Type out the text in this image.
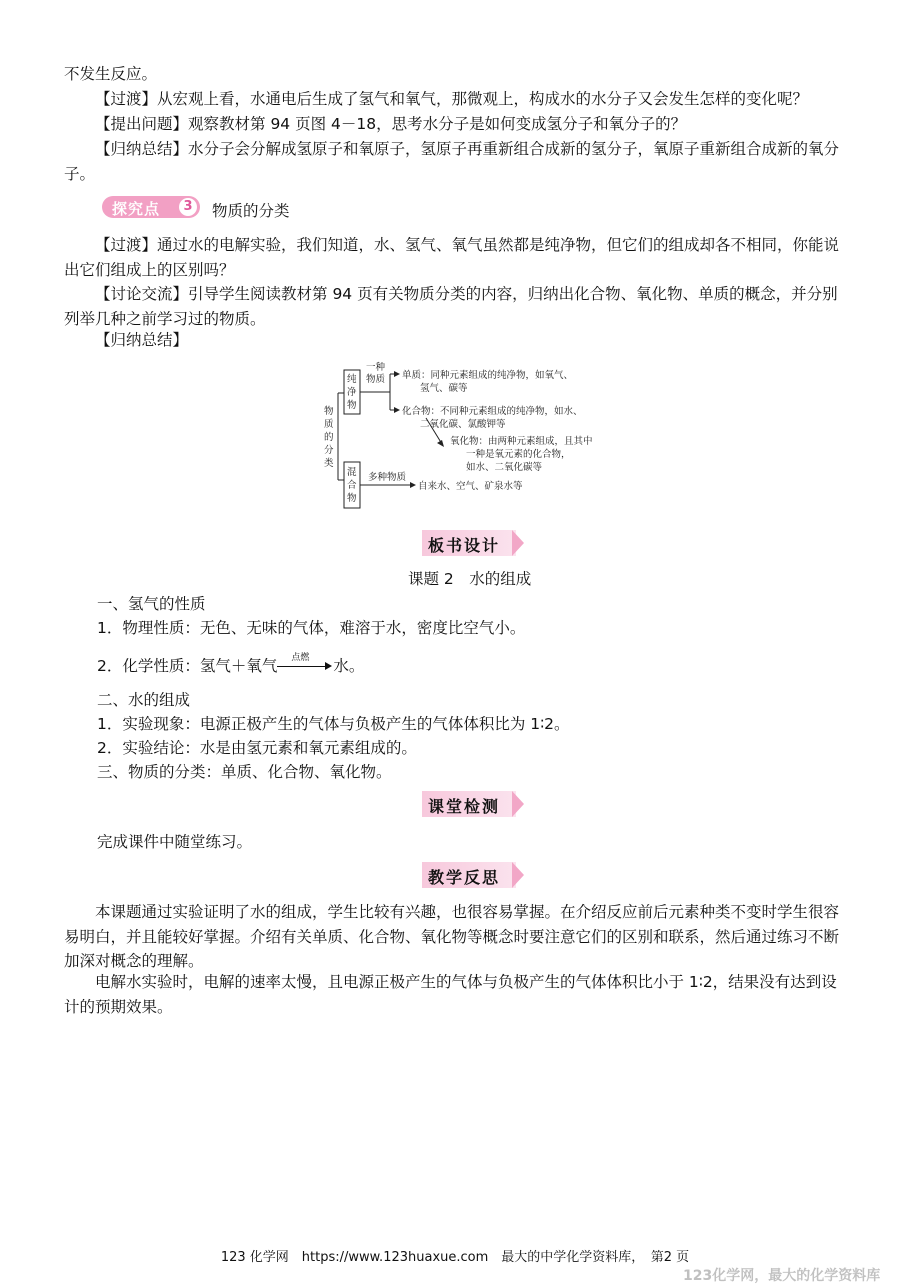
不发生反应。

【过渡】从宏观上看，水通电后生成了氢气和氧气，那微观上，构成水的水分子又会发生怎样的变化呢？

【提出问题】观察教材第 94 页图 4－18，思考水分子是如何变成氢分子和氧分子的？

【归纳总结】水分子会分解成氢原子和氧原子，氢原子再重新组合成新的氢分子，氧原子重新组合成新的氧分子。

探究点	3 物质的分类

【过渡】通过水的电解实验，我们知道，水、氢气、氧气虽然都是纯净物，但它们的组成却各不相同，你能说出它们组成上的区别吗？

【讨论交流】引导学生阅读教材第 94 页有关物质分类的内容，归纳出化合物、氧化物、单质的概念，并分别列举几种之前学习过的物质。

【归纳总结】

物
质
的
分
类
纯
净
物
混
合
物
一种
物质 单质：同种元素组成的纯净物，如氧气、
氢气、碳等
化合物：不同种元素组成的纯净物，如水、
二氧化碳、氯酸钾等
氧化物：由两种元素组成，且其中
一种是氧元素的化合物，
如水、二氧化碳等
多种物质
自来水、空气、矿泉水等
板书设计
课题 2　水的组成
一、氢气的性质
1．物理性质：无色、无味的气体，难溶于水，密度比空气小。
2．化学性质：氢气＋氧气 点燃 水。
二、水的组成
1．实验现象：电源正极产生的气体与负极产生的气体体积比为 1∶2。
2．实验结论：水是由氢元素和氧元素组成的。
三、物质的分类：单质、化合物、氧化物。
课堂检测
完成课件中随堂练习。
教学反思

本课题通过实验证明了水的组成，学生比较有兴趣，也很容易掌握。在介绍反应前后元素种类不变时学生很容易明白，并且能较好掌握。介绍有关单质、化合物、氧化物等概念时要注意它们的区别和联系，然后通过练习不断加深对概念的理解。

电解水实验时，电解的速率太慢，且电源正极产生的气体与负极产生的气体体积比小于 1∶2，结果没有达到设计的预期效果。

123 化学网　https://www.123huaxue.com　最大的中学化学资料库，　第2 页
123化学网，最大的化学资料库
